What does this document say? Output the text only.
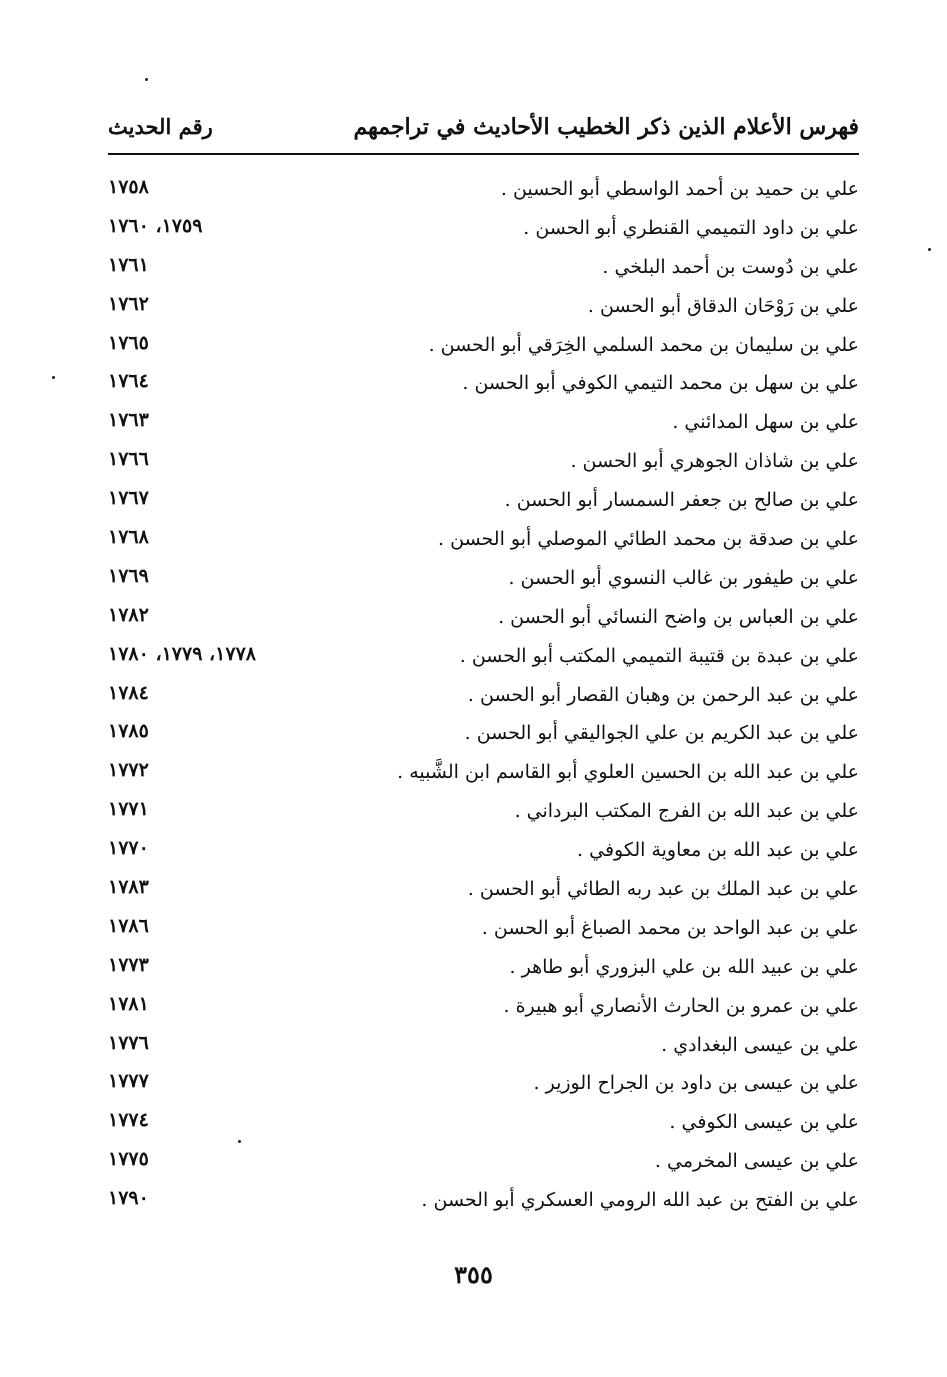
فهرس الأعلام الذين ذكر الخطيب الأحاديث في تراجمهم
رقم الحديث
علي بن حميد بن أحمد الواسطي أبو الحسين .
١٧٥٨
علي بن داود التميمي القنطري أبو الحسن .
١٧٥٩، ١٧٦٠
علي بن دُوست بن أحمد البلخي .
١٧٦١
علي بن رَوْحَان الدقاق أبو الحسن .
١٧٦٢
علي بن سليمان بن محمد السلمي الخِرَقي أبو الحسن .
١٧٦٥
علي بن سهل بن محمد التيمي الكوفي أبو الحسن .
١٧٦٤
علي بن سهل المدائني .
١٧٦٣
علي بن شاذان الجوهري أبو الحسن .
١٧٦٦
علي بن صالح بن جعفر السمسار أبو الحسن .
١٧٦٧
علي بن صدقة بن محمد الطائي الموصلي أبو الحسن .
١٧٦٨
علي بن طيفور بن غالب النسوي أبو الحسن .
١٧٦٩
علي بن العباس بن واضح النسائي أبو الحسن .
١٧٨٢
علي بن عبدة بن قتيبة التميمي المكتب أبو الحسن .
١٧٧٨، ١٧٧٩، ١٧٨٠
علي بن عبد الرحمن بن وهبان القصار أبو الحسن .
١٧٨٤
علي بن عبد الكريم بن علي الجواليقي أبو الحسن .
١٧٨٥
علي بن عبد الله بن الحسين العلوي أبو القاسم ابن الشَّبيه .
١٧٧٢
علي بن عبد الله بن الفرج المكتب البرداني .
١٧٧١
علي بن عبد الله بن معاوية الكوفي .
١٧٧٠
علي بن عبد الملك بن عبد ربه الطائي أبو الحسن .
١٧٨٣
علي بن عبد الواحد بن محمد الصباغ أبو الحسن .
١٧٨٦
علي بن عبيد الله بن علي البزوري أبو طاهر .
١٧٧٣
علي بن عمرو بن الحارث الأنصاري أبو هبيرة .
١٧٨١
علي بن عيسى البغدادي .
١٧٧٦
علي بن عيسى بن داود بن الجراح الوزير .
١٧٧٧
علي بن عيسى الكوفي .
١٧٧٤
علي بن عيسى المخرمي .
١٧٧٥
علي بن الفتح بن عبد الله الرومي العسكري أبو الحسن .
١٧٩٠
٣٥٥
